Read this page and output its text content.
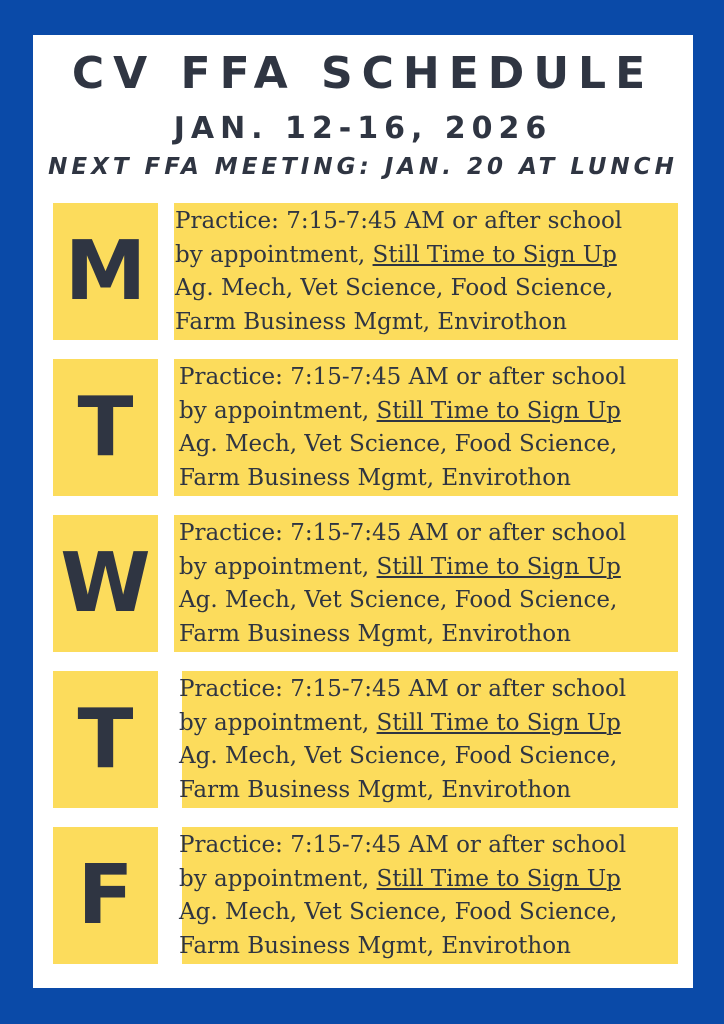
CV FFA SCHEDULE
JAN. 12-16, 2026
NEXT FFA MEETING: JAN. 20 AT LUNCH
M
Practice: 7:15-7:45 AM or after school
by appointment, Still Time to Sign Up
Ag. Mech, Vet Science, Food Science,
Farm Business Mgmt, Envirothon
T
Practice: 7:15-7:45 AM or after school
by appointment, Still Time to Sign Up
Ag. Mech, Vet Science, Food Science,
Farm Business Mgmt, Envirothon
W
Practice: 7:15-7:45 AM or after school
by appointment, Still Time to Sign Up
Ag. Mech, Vet Science, Food Science,
Farm Business Mgmt, Envirothon
T
Practice: 7:15-7:45 AM or after school
by appointment, Still Time to Sign Up
Ag. Mech, Vet Science, Food Science,
Farm Business Mgmt, Envirothon
F
Practice: 7:15-7:45 AM or after school
by appointment, Still Time to Sign Up
Ag. Mech, Vet Science, Food Science,
Farm Business Mgmt, Envirothon
